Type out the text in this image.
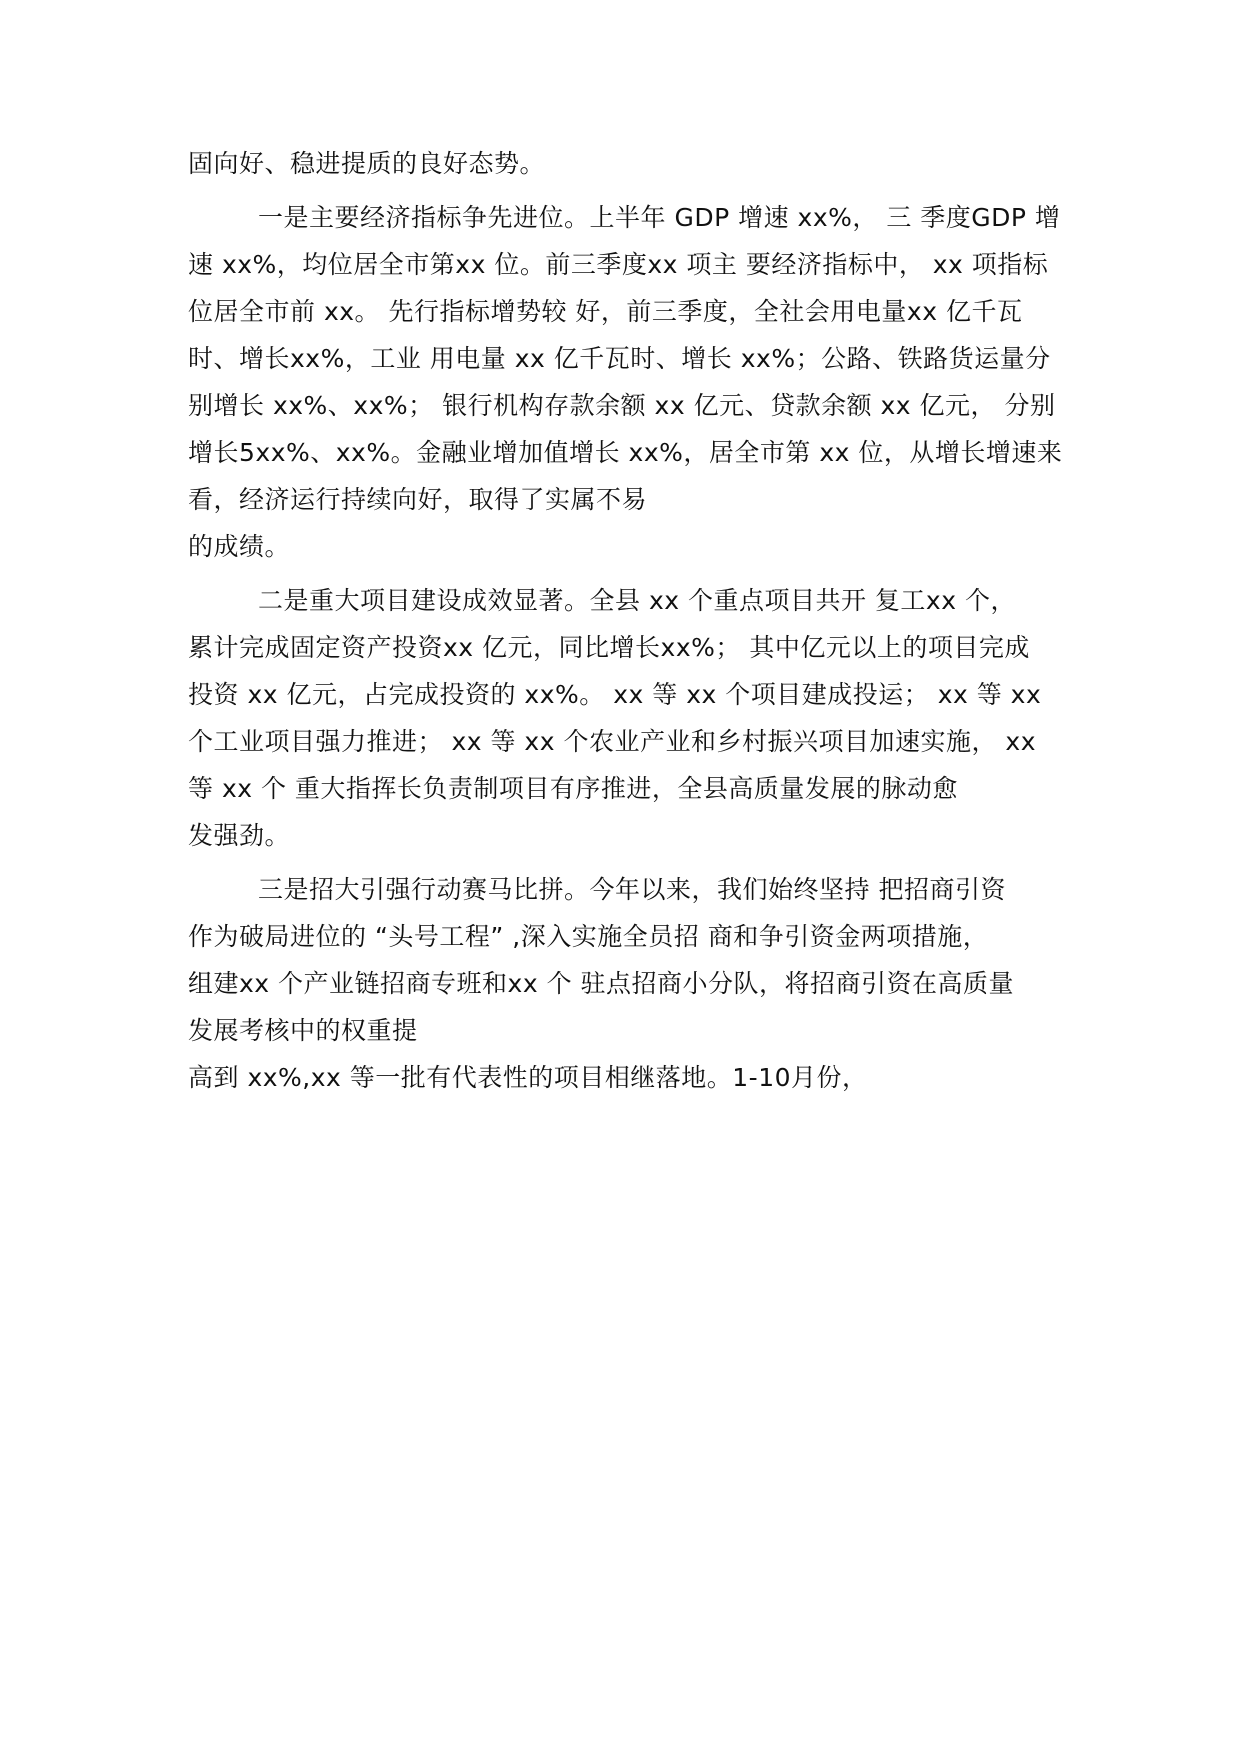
固向好、稳进提质的良好态势。
一是主要经济指标争先进位。上半年 GDP 增速 xx%， 三 季度GDP 增
速 xx%，均位居全市第xx 位。前三季度xx 项主 要经济指标中， xx 项指标
位居全市前 xx。 先行指标增势较 好，前三季度，全社会用电量xx 亿千瓦
时、增长xx%，工业 用电量 xx 亿千瓦时、增长 xx%；公路、铁路货运量分
别增长 xx%、xx%； 银行机构存款余额 xx 亿元、贷款余额 xx 亿元， 分别
增长5xx%、xx%。金融业增加值增长 xx%，居全市第 xx 位，从增长增速来
看，经济运行持续向好，取得了实属不易
的成绩。
二是重大项目建设成效显著。全县 xx 个重点项目共开 复工xx 个，
累计完成固定资产投资xx 亿元，同比增长xx%； 其中亿元以上的项目完成
投资 xx 亿元，占完成投资的 xx%。 xx 等 xx 个项目建成投运； xx 等 xx
个工业项目强力推进； xx 等 xx 个农业产业和乡村振兴项目加速实施， xx
等 xx 个 重大指挥长负责制项目有序推进，全县高质量发展的脉动愈
发强劲。
三是招大引强行动赛马比拼。今年以来，我们始终坚持 把招商引资
作为破局进位的 “头号工程” ,深入实施全员招 商和争引资金两项措施，
组建xx 个产业链招商专班和xx 个 驻点招商小分队，将招商引资在高质量
发展考核中的权重提
高到 xx%,xx 等一批有代表性的项目相继落地。1-10月份，
